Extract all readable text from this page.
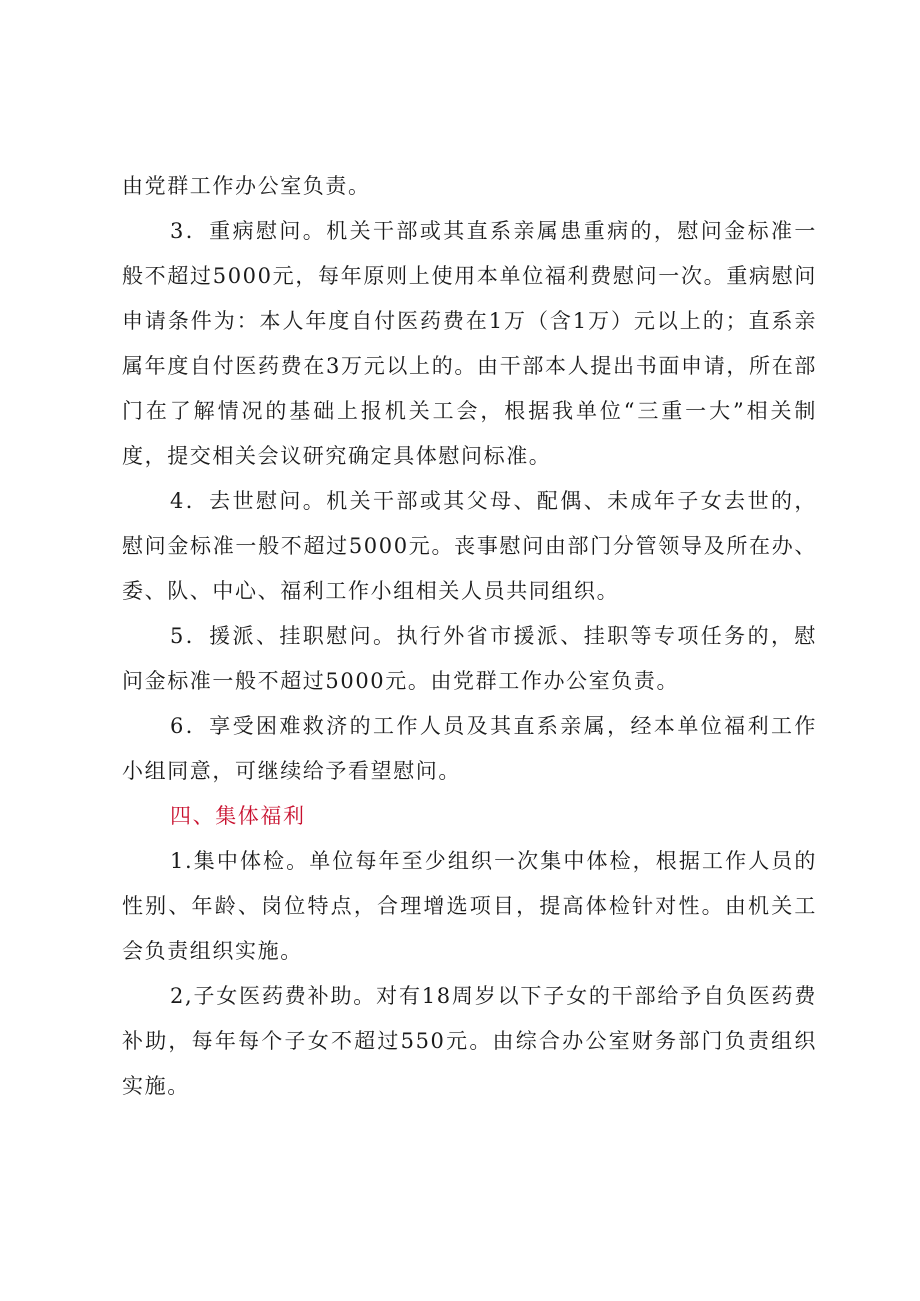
由党群工作办公室负责。

3．重病慰问。机关干部或其直系亲属患重病的，慰问金标准一般不超过5000元，每年原则上使用本单位福利费慰问一次。重病慰问申请条件为：本人年度自付医药费在1万（含1万）元以上的；直系亲属年度自付医药费在3万元以上的。由干部本人提出书面申请，所在部门在了解情况的基础上报机关工会，根据我单位“三重一大”相关制度，提交相关会议研究确定具体慰问标准。

4．去世慰问。机关干部或其父母、配偶、未成年子女去世的，慰问金标准一般不超过5000元。丧事慰问由部门分管领导及所在办、委、队、中心、福利工作小组相关人员共同组织。

5．援派、挂职慰问。执行外省市援派、挂职等专项任务的，慰问金标准一般不超过5000元。由党群工作办公室负责。

6．享受困难救济的工作人员及其直系亲属，经本单位福利工作小组同意，可继续给予看望慰问。

四、集体福利

1.集中体检。单位每年至少组织一次集中体检，根据工作人员的性别、年龄、岗位特点，合理增选项目，提高体检针对性。由机关工会负责组织实施。

2,子女医药费补助。对有18周岁以下子女的干部给予自负医药费补助，每年每个子女不超过550元。由综合办公室财务部门负责组织实施。
